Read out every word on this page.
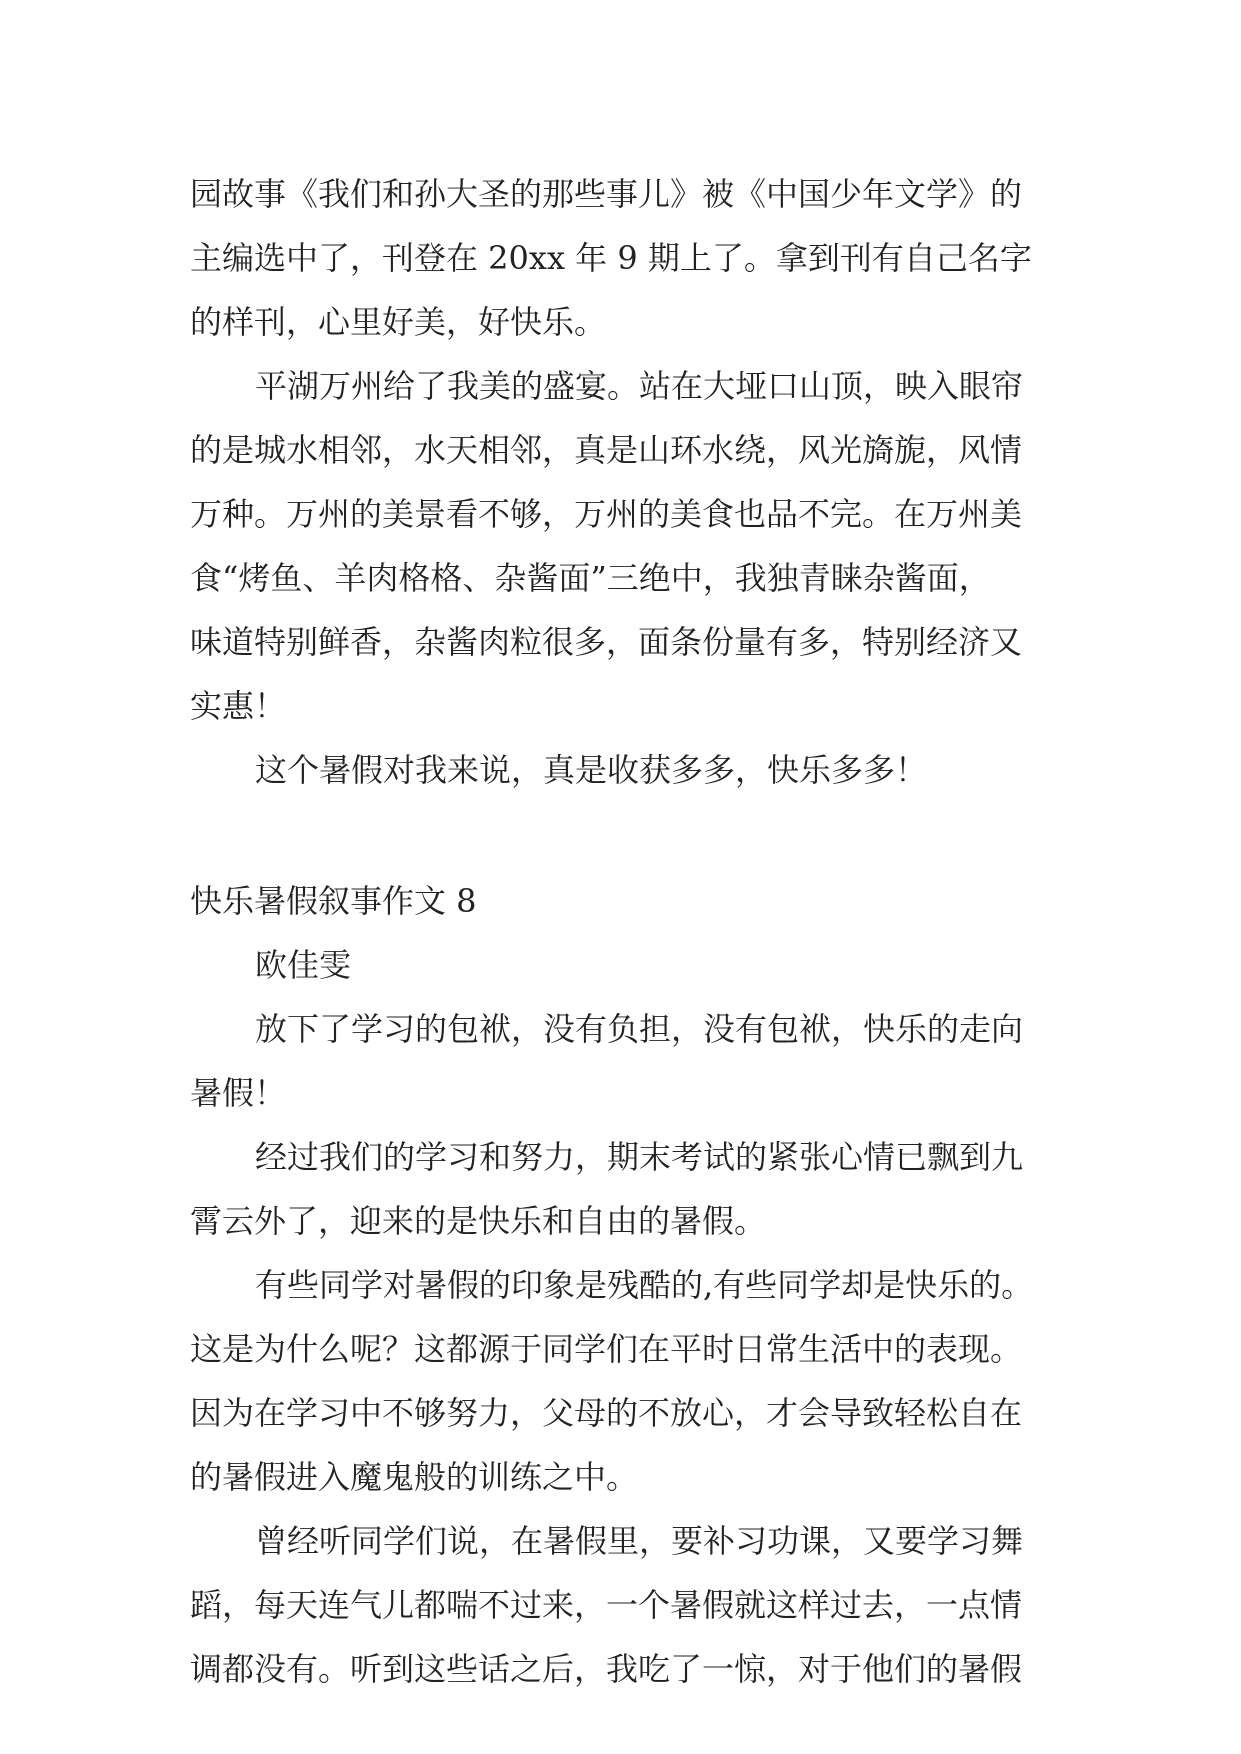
园故事《我们和孙大圣的那些事儿》被《中国少年文学》的
主编选中了，刊登在 20xx 年 9 期上了。拿到刊有自己名字
的样刊，心里好美，好快乐。
平湖万州给了我美的盛宴。站在大垭口山顶，映入眼帘
的是城水相邻，水天相邻，真是山环水绕，风光旖旎，风情
万种。万州的美景看不够，万州的美食也品不完。在万州美
食“烤鱼、羊肉格格、杂酱面”三绝中，我独青睐杂酱面，
味道特别鲜香，杂酱肉粒很多，面条份量有多，特别经济又
实惠！
这个暑假对我来说，真是收获多多，快乐多多！
快乐暑假叙事作文 8
欧佳雯
放下了学习的包袱，没有负担，没有包袱，快乐的走向
暑假！
经过我们的学习和努力，期末考试的紧张心情已飘到九
霄云外了，迎来的是快乐和自由的暑假。
有些同学对暑假的印象是残酷的,有些同学却是快乐的。
这是为什么呢？这都源于同学们在平时日常生活中的表现。
因为在学习中不够努力，父母的不放心，才会导致轻松自在
的暑假进入魔鬼般的训练之中。
曾经听同学们说，在暑假里，要补习功课，又要学习舞
蹈，每天连气儿都喘不过来，一个暑假就这样过去，一点情
调都没有。听到这些话之后，我吃了一惊，对于他们的暑假
